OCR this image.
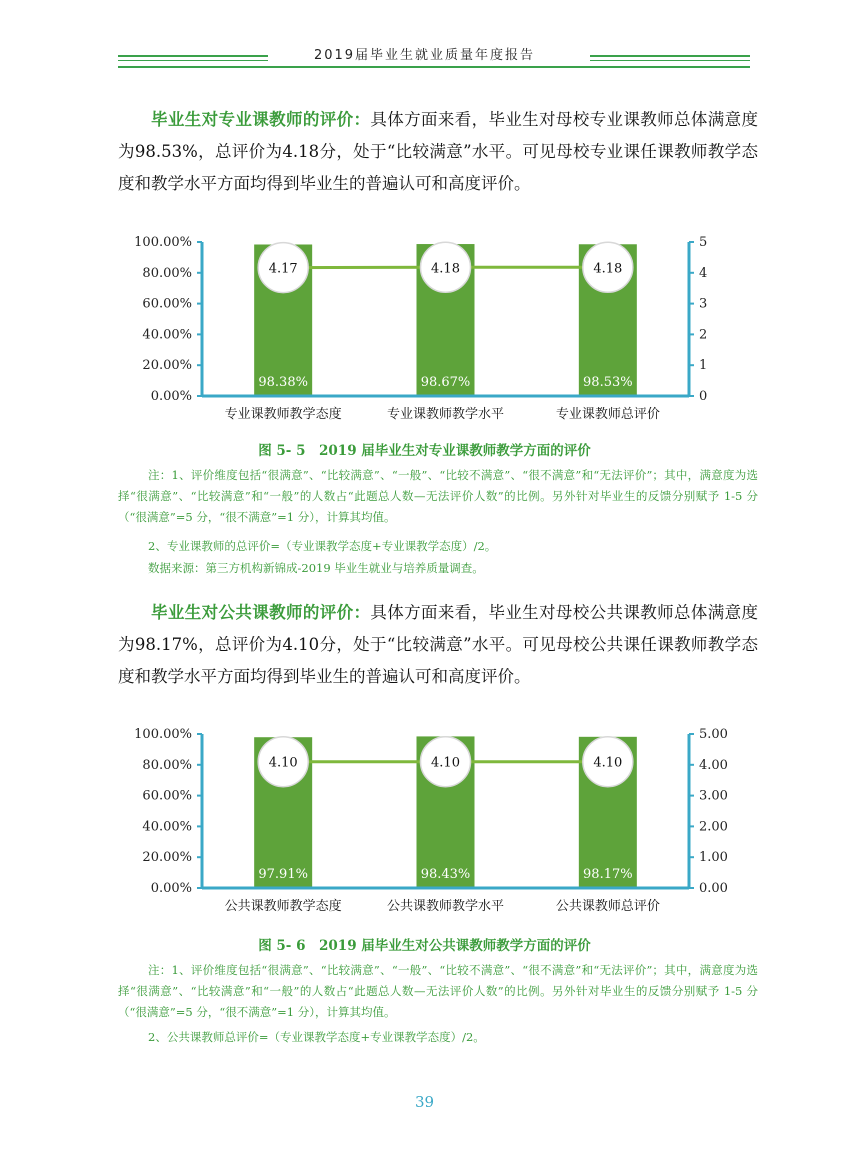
2019届毕业生就业质量年度报告

毕业生对专业课教师的评价：具体方面来看，毕业生对母校专业课教师总体满意度为98.53%，总评价为4.18分，处于“比较满意”水平。可见母校专业课任课教师教学态度和教学水平方面均得到毕业生的普遍认可和高度评价。

0.00%
20.00%
40.00%
60.00%
80.00%
100.00%
0
1
2
3
4
5
98.38%
专业课教师教学态度
98.67%
专业课教师教学水平
98.53%
专业课教师总评价
4.17	4.18	4.18

图 5- 5　2019 届毕业生对专业课教师教学方面的评价

注：1、评价维度包括“很满意”、“比较满意”、“一般”、“比较不满意”、“很不满意”和“无法评价”；其中，满意度为选择“很满意”、“比较满意”和“一般”的人数占“此题总人数—无法评价人数”的比例。另外针对毕业生的反馈分别赋予 1-5 分（“很满意”=5 分，“很不满意”=1 分），计算其均值。

2、专业课教师的总评价=（专业课教学态度+专业课教学态度）/2。

数据来源：第三方机构新锦成-2019 毕业生就业与培养质量调查。

毕业生对公共课教师的评价：具体方面来看，毕业生对母校公共课教师总体满意度为98.17%，总评价为4.10分，处于“比较满意”水平。可见母校公共课任课教师教学态度和教学水平方面均得到毕业生的普遍认可和高度评价。

0.00%
20.00%
40.00%
60.00%
80.00%
100.00%
0.00
1.00
2.00
3.00
4.00
5.00
97.91%
公共课教师教学态度
98.43%
公共课教师教学水平
98.17%
公共课教师总评价
4.10	4.10	4.10

图 5- 6　2019 届毕业生对公共课教师教学方面的评价

注：1、评价维度包括“很满意”、“比较满意”、“一般”、“比较不满意”、“很不满意”和“无法评价”；其中，满意度为选择“很满意”、“比较满意”和“一般”的人数占“此题总人数—无法评价人数”的比例。另外针对毕业生的反馈分别赋予 1-5 分（“很满意”=5 分，“很不满意”=1 分），计算其均值。

2、公共课教师总评价=（专业课教学态度+专业课教学态度）/2。

39
